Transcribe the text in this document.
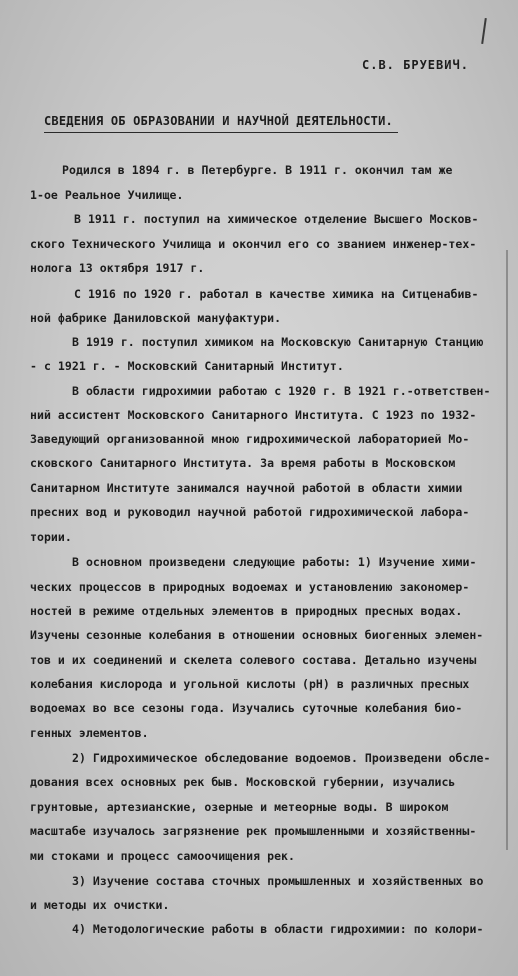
С.В. БРУЕВИЧ.
СВЕДЕНИЯ ОБ ОБРАЗОВАНИИ И НАУЧНОЙ ДЕЯТЕЛЬНОСТИ.
Родился в 1894 г. в Петербурге. В 1911 г. окончил там же
1-ое Реальное Училище.
В 1911 г. поступил на химическое отделение Высшего Москов-
ского Технического Училища и окончил его со званием инженер-тех-
нолога 13 октября 1917 г.
С 1916 по 1920 г. работал в качестве химика на Ситценабив-
ной фабрике Даниловской мануфактури.
В 1919 г. поступил химиком на Московскую Санитарную Станцию
- с 1921 г. - Московский Санитарный Институт.
В области гидрохимии работаю с 1920 г. В 1921 г.-ответствен-
ний ассистент Московского Санитарного Института. С 1923 по 1932-
Заведующий организованной мною гидрохимической лабораторией Мо-
сковского Санитарного Института. За время работы в Московском
Санитарном Институте занимался научной работой в области химии
пресних вод и руководил научной работой гидрохимической лабора-
тории.
В основном произведени следующие работы: 1) Изучение хими-
ческих процессов в природных водоемах и установлению закономер-
ностей в режиме отдельных элементов в природных пресных водах.
Изучены сезонные колебания в отношении основных биогенных элемен-
тов и их соединений и скелета солевого состава. Детально изучены
колебания кислорода и угольной кислоты (pH) в различных пресных
водоемах во все сезоны года. Изучались суточные колебания био-
генных элементов.
2) Гидрохимическое обследование водоемов. Произведени обсле-
дования всех основных рек быв. Московской губернии, изучались
грунтовые, артезианские, озерные и метеорные воды. В широком
масштабе изучалось загрязнение рек промышленными и хозяйственны-
ми стоками и процесс самоочищения рек.
3) Изучение состава сточных промышленных и хозяйственных во
и методы их очистки.
4) Методологические работы в области гидрохимии: по колори-
